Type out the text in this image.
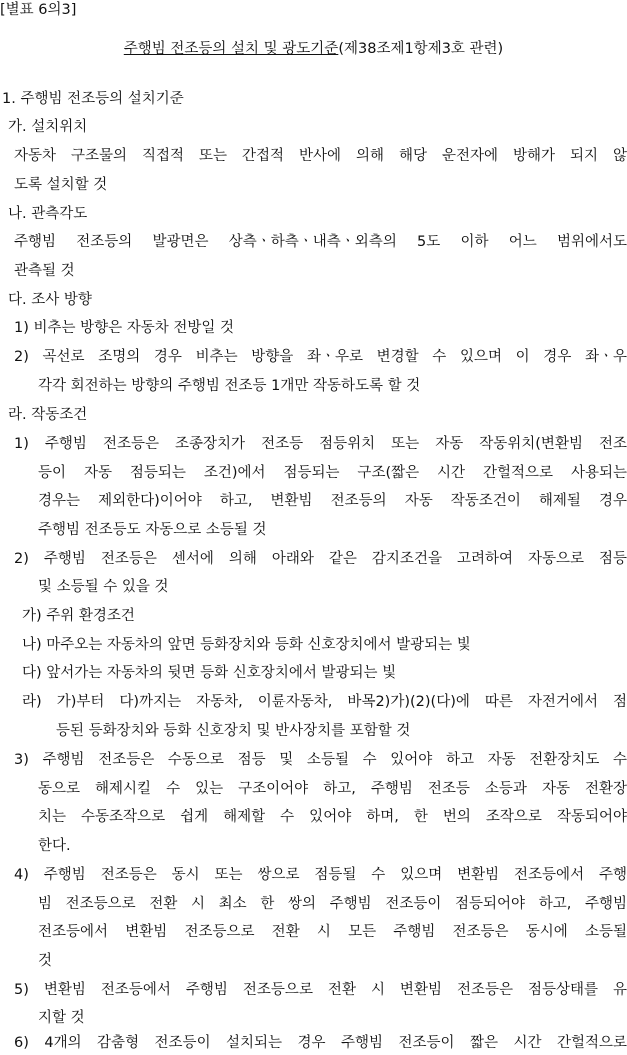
[별표 6의3]
주행빔 전조등의 설치 및 광도기준(제38조제1항제3호 관련)
1. 주행빔 전조등의 설치기준
가. 설치위치
자동차 구조물의 직접적 또는 간접적 반사에 의해 해당 운전자에 방해가 되지 않
도록 설치할 것
나. 관측각도
주행빔 전조등의 발광면은 상측ㆍ하측ㆍ내측ㆍ외측의 5도 이하 어느 범위에서도
관측될 것
다. 조사 방향
1) 비추는 방향은 자동차 전방일 것
2) 곡선로 조명의 경우 비추는 방향을 좌ㆍ우로 변경할 수 있으며 이 경우 좌ㆍ우
각각 회전하는 방향의 주행빔 전조등 1개만 작동하도록 할 것
라. 작동조건
1) 주행빔 전조등은 조종장치가 전조등 점등위치 또는 자동 작동위치(변환빔 전조
등이 자동 점등되는 조건)에서 점등되는 구조(짧은 시간 간헐적으로 사용되는
경우는 제외한다)이어야 하고, 변환빔 전조등의 자동 작동조건이 해제될 경우
주행빔 전조등도 자동으로 소등될 것
2) 주행빔 전조등은 센서에 의해 아래와 같은 감지조건을 고려하여 자동으로 점등
및 소등될 수 있을 것
가) 주위 환경조건
나) 마주오는 자동차의 앞면 등화장치와 등화 신호장치에서 발광되는 빛
다) 앞서가는 자동차의 뒷면 등화 신호장치에서 발광되는 빛
라) 가)부터 다)까지는 자동차, 이륜자동차, 바목2)가)(2)(다)에 따른 자전거에서 점
등된 등화장치와 등화 신호장치 및 반사장치를 포함할 것
3) 주행빔 전조등은 수동으로 점등 및 소등될 수 있어야 하고 자동 전환장치도 수
동으로 해제시킬 수 있는 구조이어야 하고, 주행빔 전조등 소등과 자동 전환장
치는 수동조작으로 쉽게 해제할 수 있어야 하며, 한 번의 조작으로 작동되어야
한다.
4) 주행빔 전조등은 동시 또는 쌍으로 점등될 수 있으며 변환빔 전조등에서 주행
빔 전조등으로 전환 시 최소 한 쌍의 주행빔 전조등이 점등되어야 하고, 주행빔
전조등에서 변환빔 전조등으로 전환 시 모든 주행빔 전조등은 동시에 소등될
것
5) 변환빔 전조등에서 주행빔 전조등으로 전환 시 변환빔 전조등은 점등상태를 유
지할 것
6) 4개의 감춤형 전조등이 설치되는 경우 주행빔 전조등이 짧은 시간 간헐적으로
